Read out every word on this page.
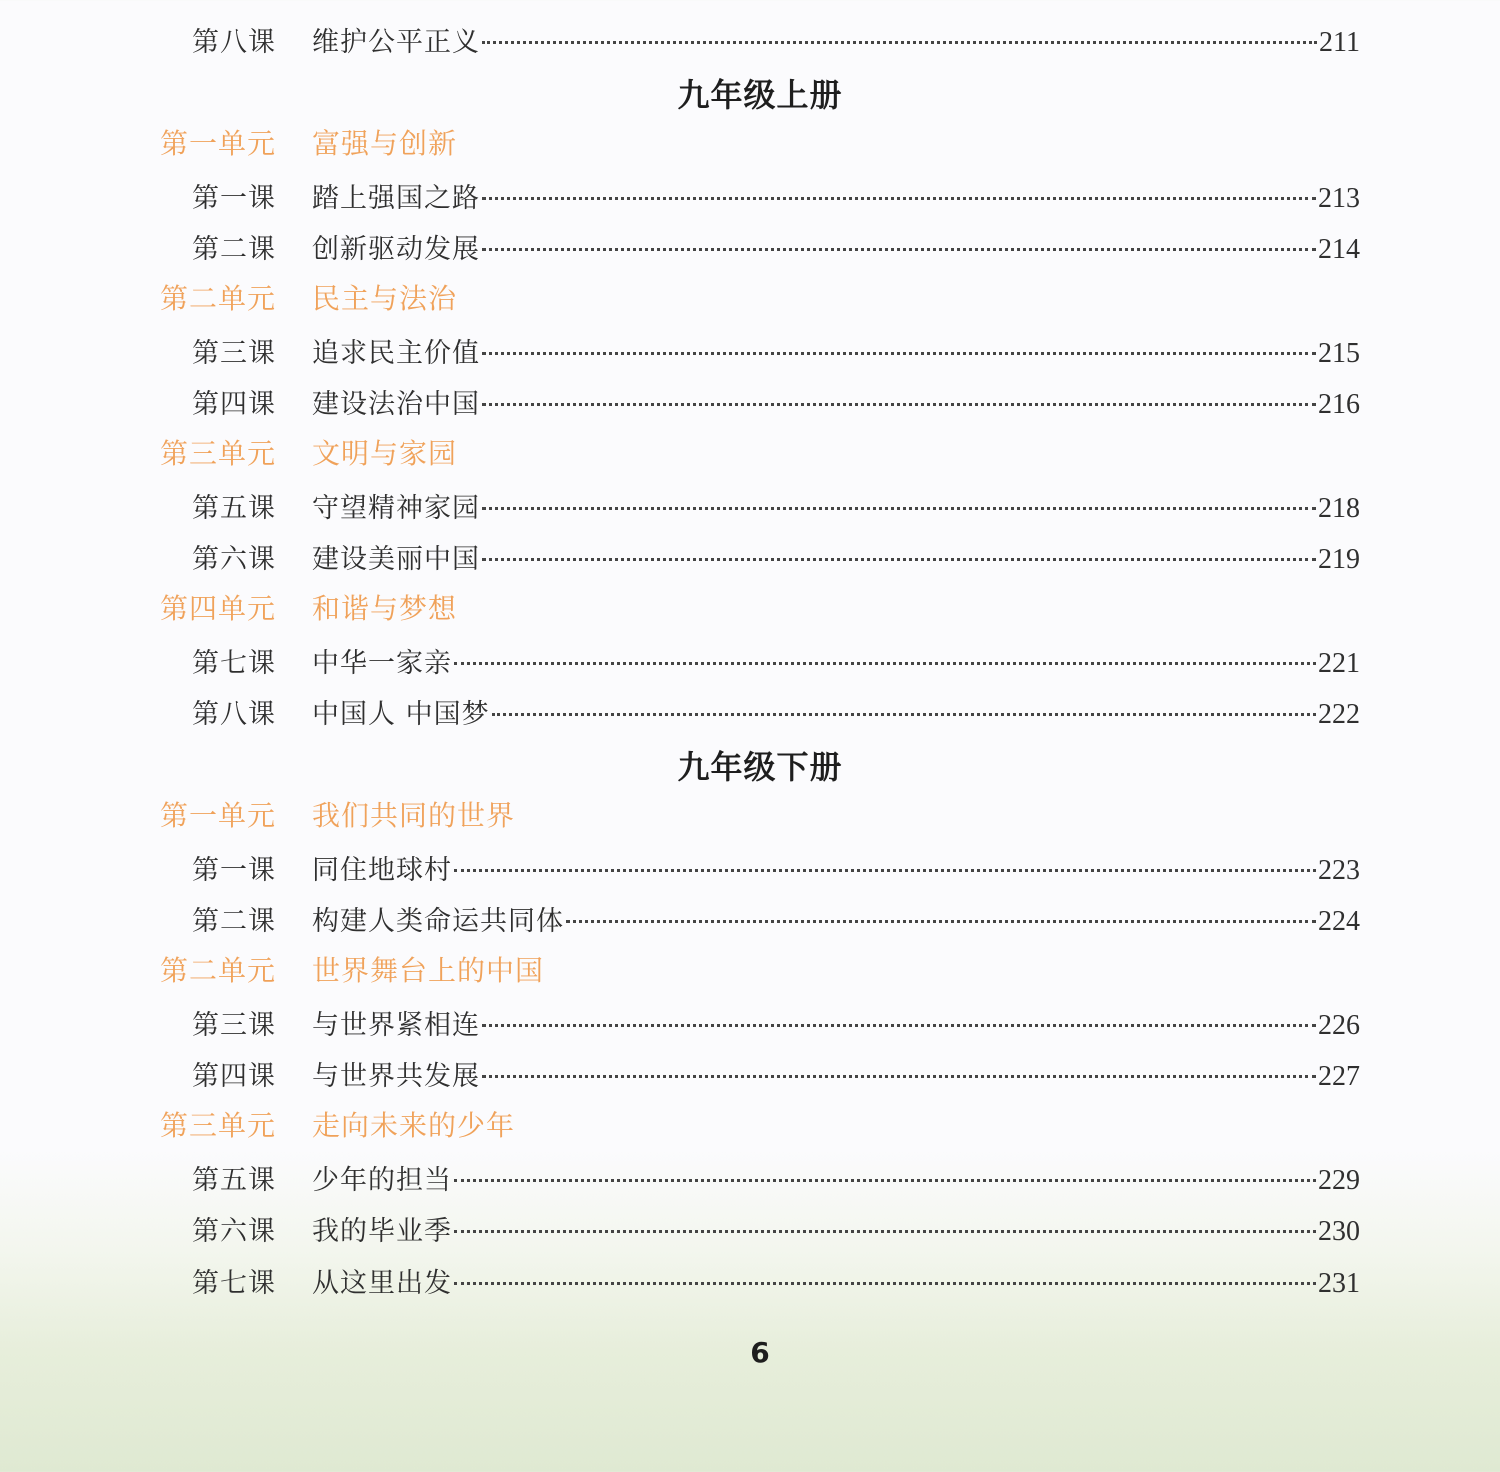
第八课 维护公平正义	211
九年级上册
第一单元 富强与创新
第一课 踏上强国之路	213
第二课 创新驱动发展	214
第二单元 民主与法治
第三课 追求民主价值	215
第四课 建设法治中国	216
第三单元 文明与家园
第五课 守望精神家园	218
第六课 建设美丽中国	219
第四单元 和谐与梦想
第七课 中华一家亲	221
第八课 中国人 中国梦	222
九年级下册
第一单元 我们共同的世界
第一课 同住地球村	223
第二课 构建人类命运共同体	224
第二单元 世界舞台上的中国
第三课 与世界紧相连	226
第四课 与世界共发展	227
第三单元 走向未来的少年
第五课 少年的担当	229
第六课 我的毕业季	230
第七课 从这里出发	231
6
